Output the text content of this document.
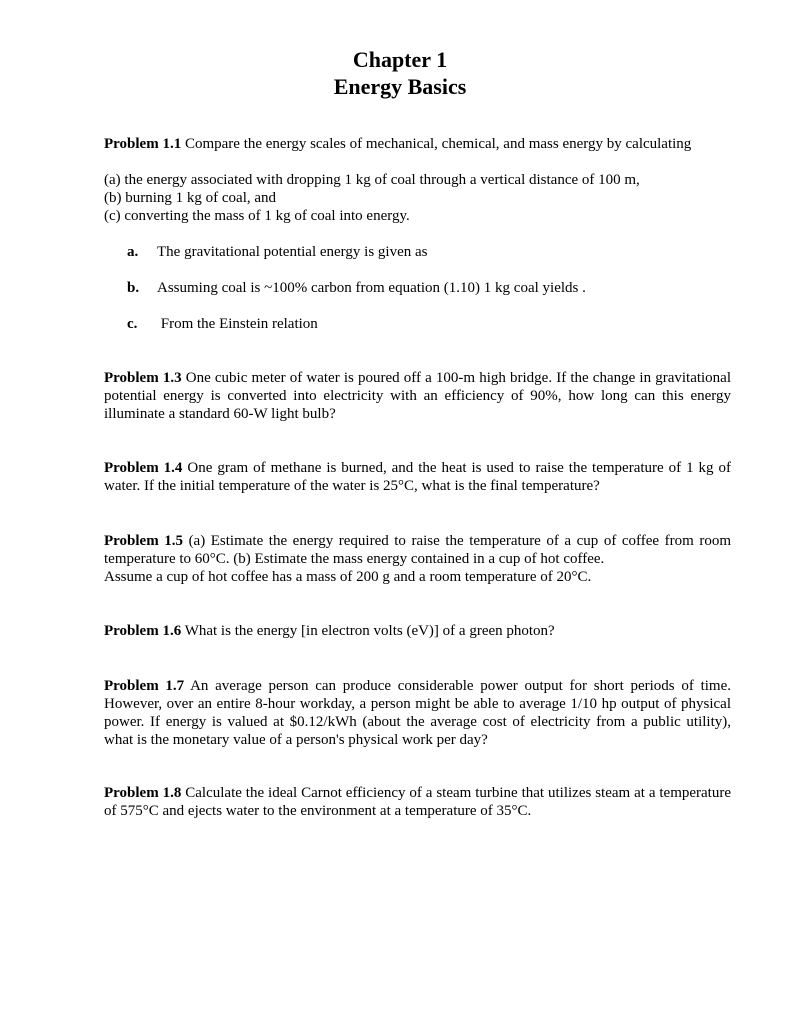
Chapter 1
Energy Basics
Problem 1.1 Compare the energy scales of mechanical, chemical, and mass energy by calculating
(a) the energy associated with dropping 1 kg of coal through a vertical distance of 100 m,
(b) burning 1 kg of coal, and
(c) converting the mass of 1 kg of coal into energy.
a. The gravitational potential energy is given as
b. Assuming coal is ~100% carbon from equation (1.10) 1 kg coal yields .
c. From the Einstein relation
Problem 1.3 One cubic meter of water is poured off a 100-m high bridge. If the change in gravitational potential energy is converted into electricity with an efficiency of 90%, how long can this energy illuminate a standard 60-W light bulb?
Problem 1.4 One gram of methane is burned, and the heat is used to raise the temperature of 1 kg of water. If the initial temperature of the water is 25°C, what is the final temperature?
Problem 1.5 (a) Estimate the energy required to raise the temperature of a cup of coffee from room temperature to 60°C. (b) Estimate the mass energy contained in a cup of hot coffee.
Assume a cup of hot coffee has a mass of 200 g and a room temperature of 20°C.
Problem 1.6 What is the energy [in electron volts (eV)] of a green photon?
Problem 1.7 An average person can produce considerable power output for short periods of time. However, over an entire 8-hour workday, a person might be able to average 1/10 hp output of physical power. If energy is valued at $0.12/kWh (about the average cost of electricity from a public utility), what is the monetary value of a person's physical work per day?
Problem 1.8 Calculate the ideal Carnot efficiency of a steam turbine that utilizes steam at a temperature of 575°C and ejects water to the environment at a temperature of 35°C.
